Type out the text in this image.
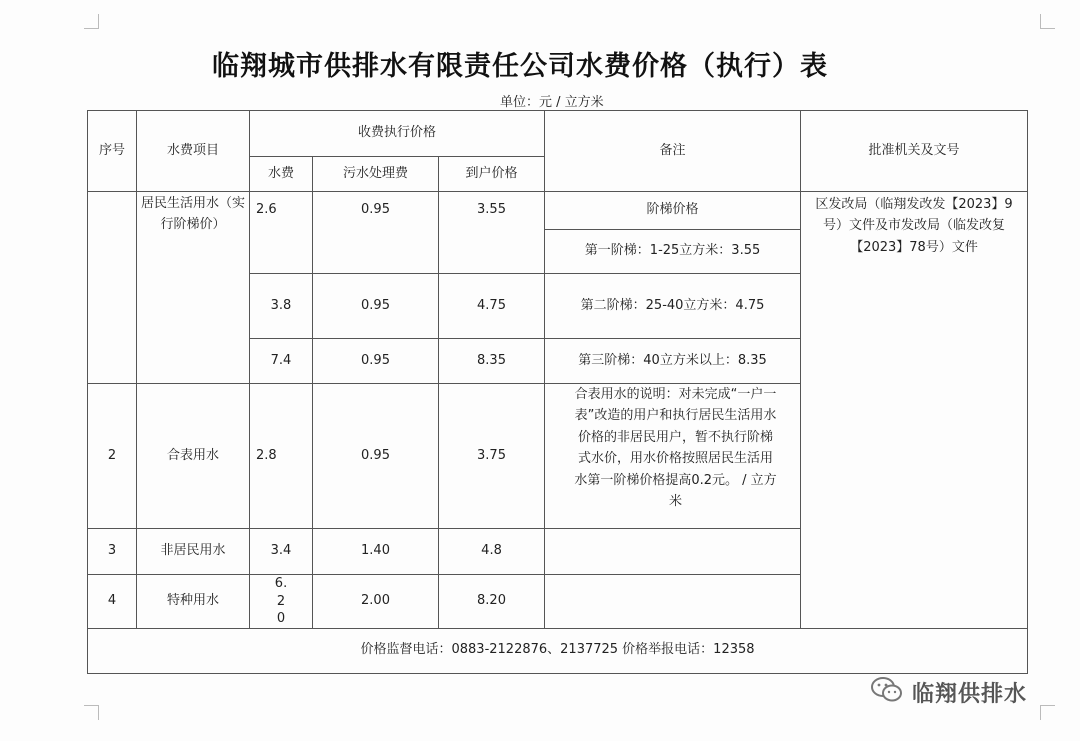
临翔城市供排水有限责任公司水费价格（执行）表
单位：元 / 立方米
序号	水费项目	收费执行价格			备注	批准机关及文号
		水费	污水处理费	到户价格		
	居民生活用水（实行阶梯价）	2.6	0.95	3.55	阶梯价格	区发改局（临翔发改发【2023】9号）文件及市发改局（临发改复【2023】78号）文件
					第一阶梯：1-25立方米：3.55	
		3.8	0.95	4.75	第二阶梯：25-40立方米：4.75	
		7.4	0.95	8.35	第三阶梯：40立方米以上：8.35	
2	合表用水	2.8	0.95	3.75	合表用水的说明：对未完成“一户一表”改造的用户和执行居民生活用水价格的非居民用户，暂不执行阶梯式水价，用水价格按照居民生活用水第一阶梯价格提高0.2元。 / 立方米	
3	非居民用水	3.4	1.40	4.8		
4	特种用水	6.20	2.00	8.20		
价格监督电话：0883-2122876、2137725 价格举报电话：12358						
临翔供排水
